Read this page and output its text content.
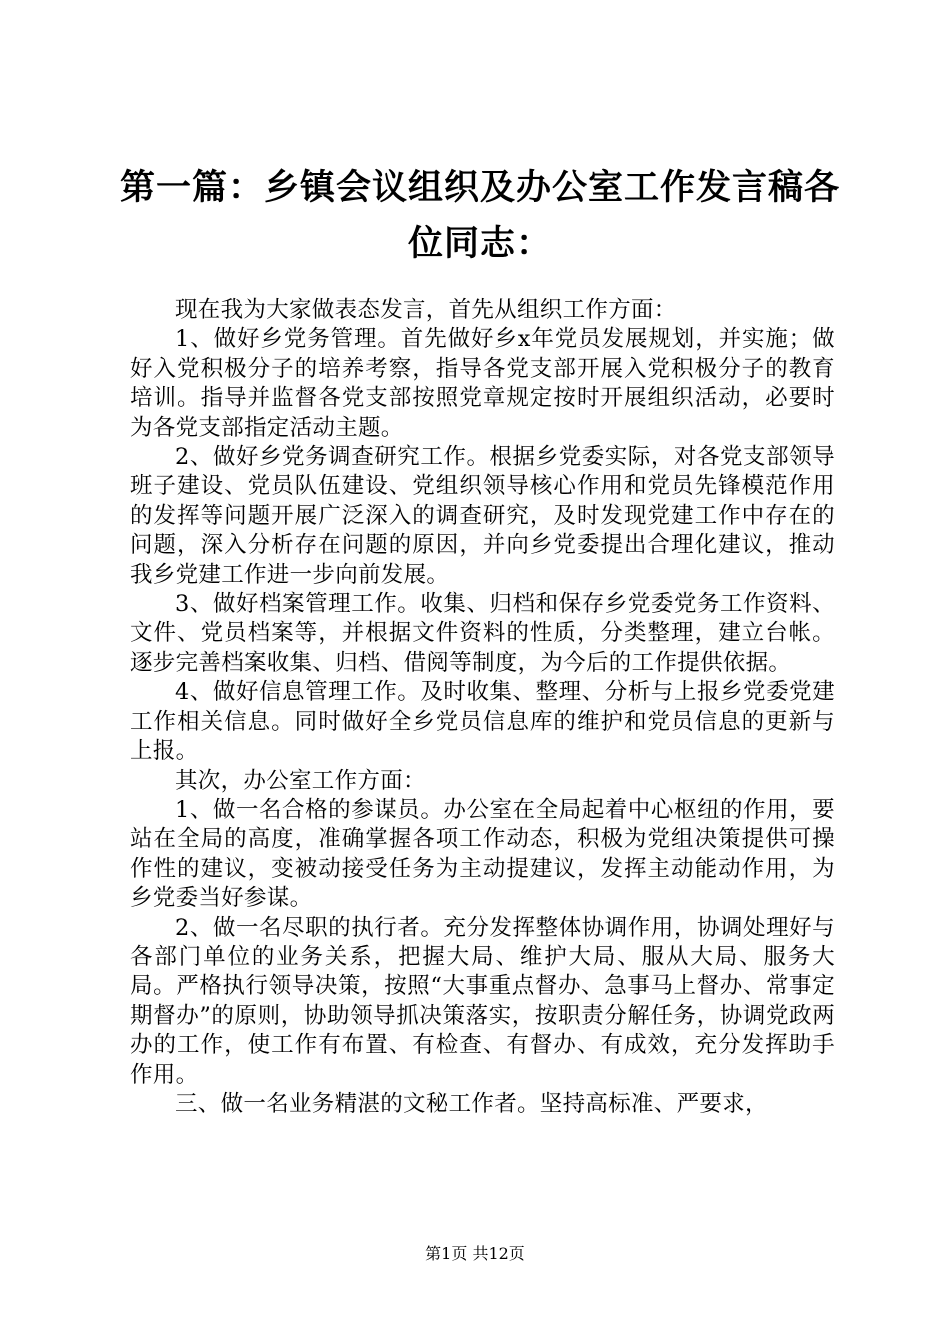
第一篇：乡镇会议组织及办公室工作发言稿各位同志：

现在我为大家做表态发言，首先从组织工作方面：

1、做好乡党务管理。首先做好乡x年党员发展规划，并实施；做好入党积极分子的培养考察，指导各党支部开展入党积极分子的教育培训。指导并监督各党支部按照党章规定按时开展组织活动，必要时为各党支部指定活动主题。

2、做好乡党务调查研究工作。根据乡党委实际，对各党支部领导班子建设、党员队伍建设、党组织领导核心作用和党员先锋模范作用的发挥等问题开展广泛深入的调查研究，及时发现党建工作中存在的问题，深入分析存在问题的原因，并向乡党委提出合理化建议，推动我乡党建工作进一步向前发展。

3、做好档案管理工作。收集、归档和保存乡党委党务工作资料、文件、党员档案等，并根据文件资料的性质，分类整理，建立台帐。逐步完善档案收集、归档、借阅等制度，为今后的工作提供依据。

4、做好信息管理工作。及时收集、整理、分析与上报乡党委党建工作相关信息。同时做好全乡党员信息库的维护和党员信息的更新与上报。

其次，办公室工作方面：

1、做一名合格的参谋员。办公室在全局起着中心枢纽的作用，要站在全局的高度，准确掌握各项工作动态，积极为党组决策提供可操作性的建议，变被动接受任务为主动提建议，发挥主动能动作用，为乡党委当好参谋。

2、做一名尽职的执行者。充分发挥整体协调作用，协调处理好与各部门单位的业务关系，把握大局、维护大局、服从大局、服务大局。严格执行领导决策，按照“大事重点督办、急事马上督办、常事定期督办”的原则，协助领导抓决策落实，按职责分解任务，协调党政两办的工作，使工作有布置、有检查、有督办、有成效，充分发挥助手作用。

三、做一名业务精湛的文秘工作者。坚持高标准、严要求，

第1页 共12页
